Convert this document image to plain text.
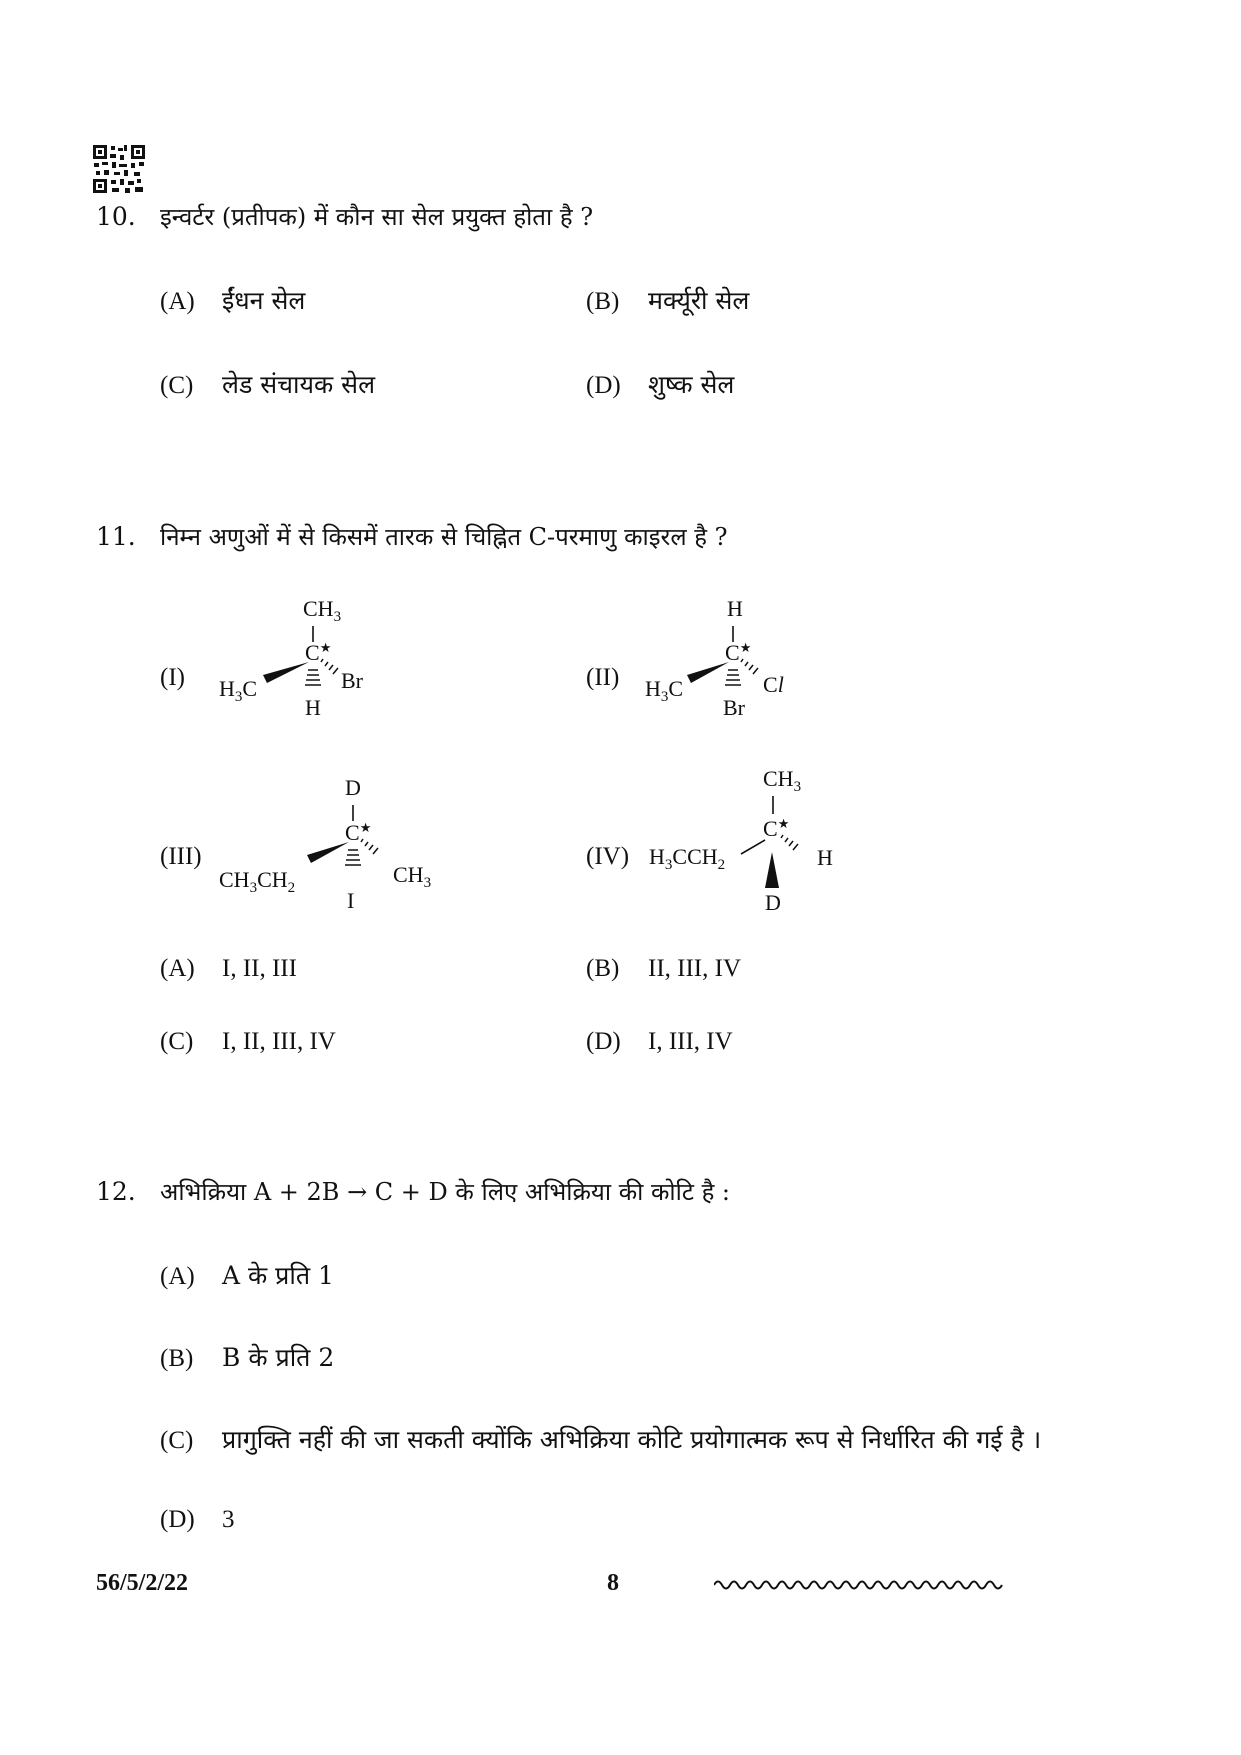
10. इन्वर्टर (प्रतीपक) में कौन सा सेल प्रयुक्त होता है ?
(A) ईंधन सेल	(B) मर्क्यूरी सेल
(C) लेड संचायक सेल	(D) शुष्क सेल
11. निम्न अणुओं में से किसमें तारक से चिह्नित C-परमाणु काइरल है ?
(I)
$CH_3$
C★
$H_3C$	Br
H
(II)
H
C★
$H_3C$	Cl
Br
(III)
D
C★
$CH_3CH_2$
$CH_3$
I
(IV)
$CH_3$
C★
$H_3CCH_2$	H
D
(A) I, II, III	(B) II, III, IV
(C) I, II, III, IV	(D) I, III, IV
12. अभिक्रिया A + 2B → C + D के लिए अभिक्रिया की कोटि है :
(A) A के प्रति 1
(B) B के प्रति 2
(C) प्रागुक्ति नहीं की जा सकती क्योंकि अभिक्रिया कोटि प्रयोगात्मक रूप से निर्धारित की गई है ।
(D) 3
56/5/2/22	8
